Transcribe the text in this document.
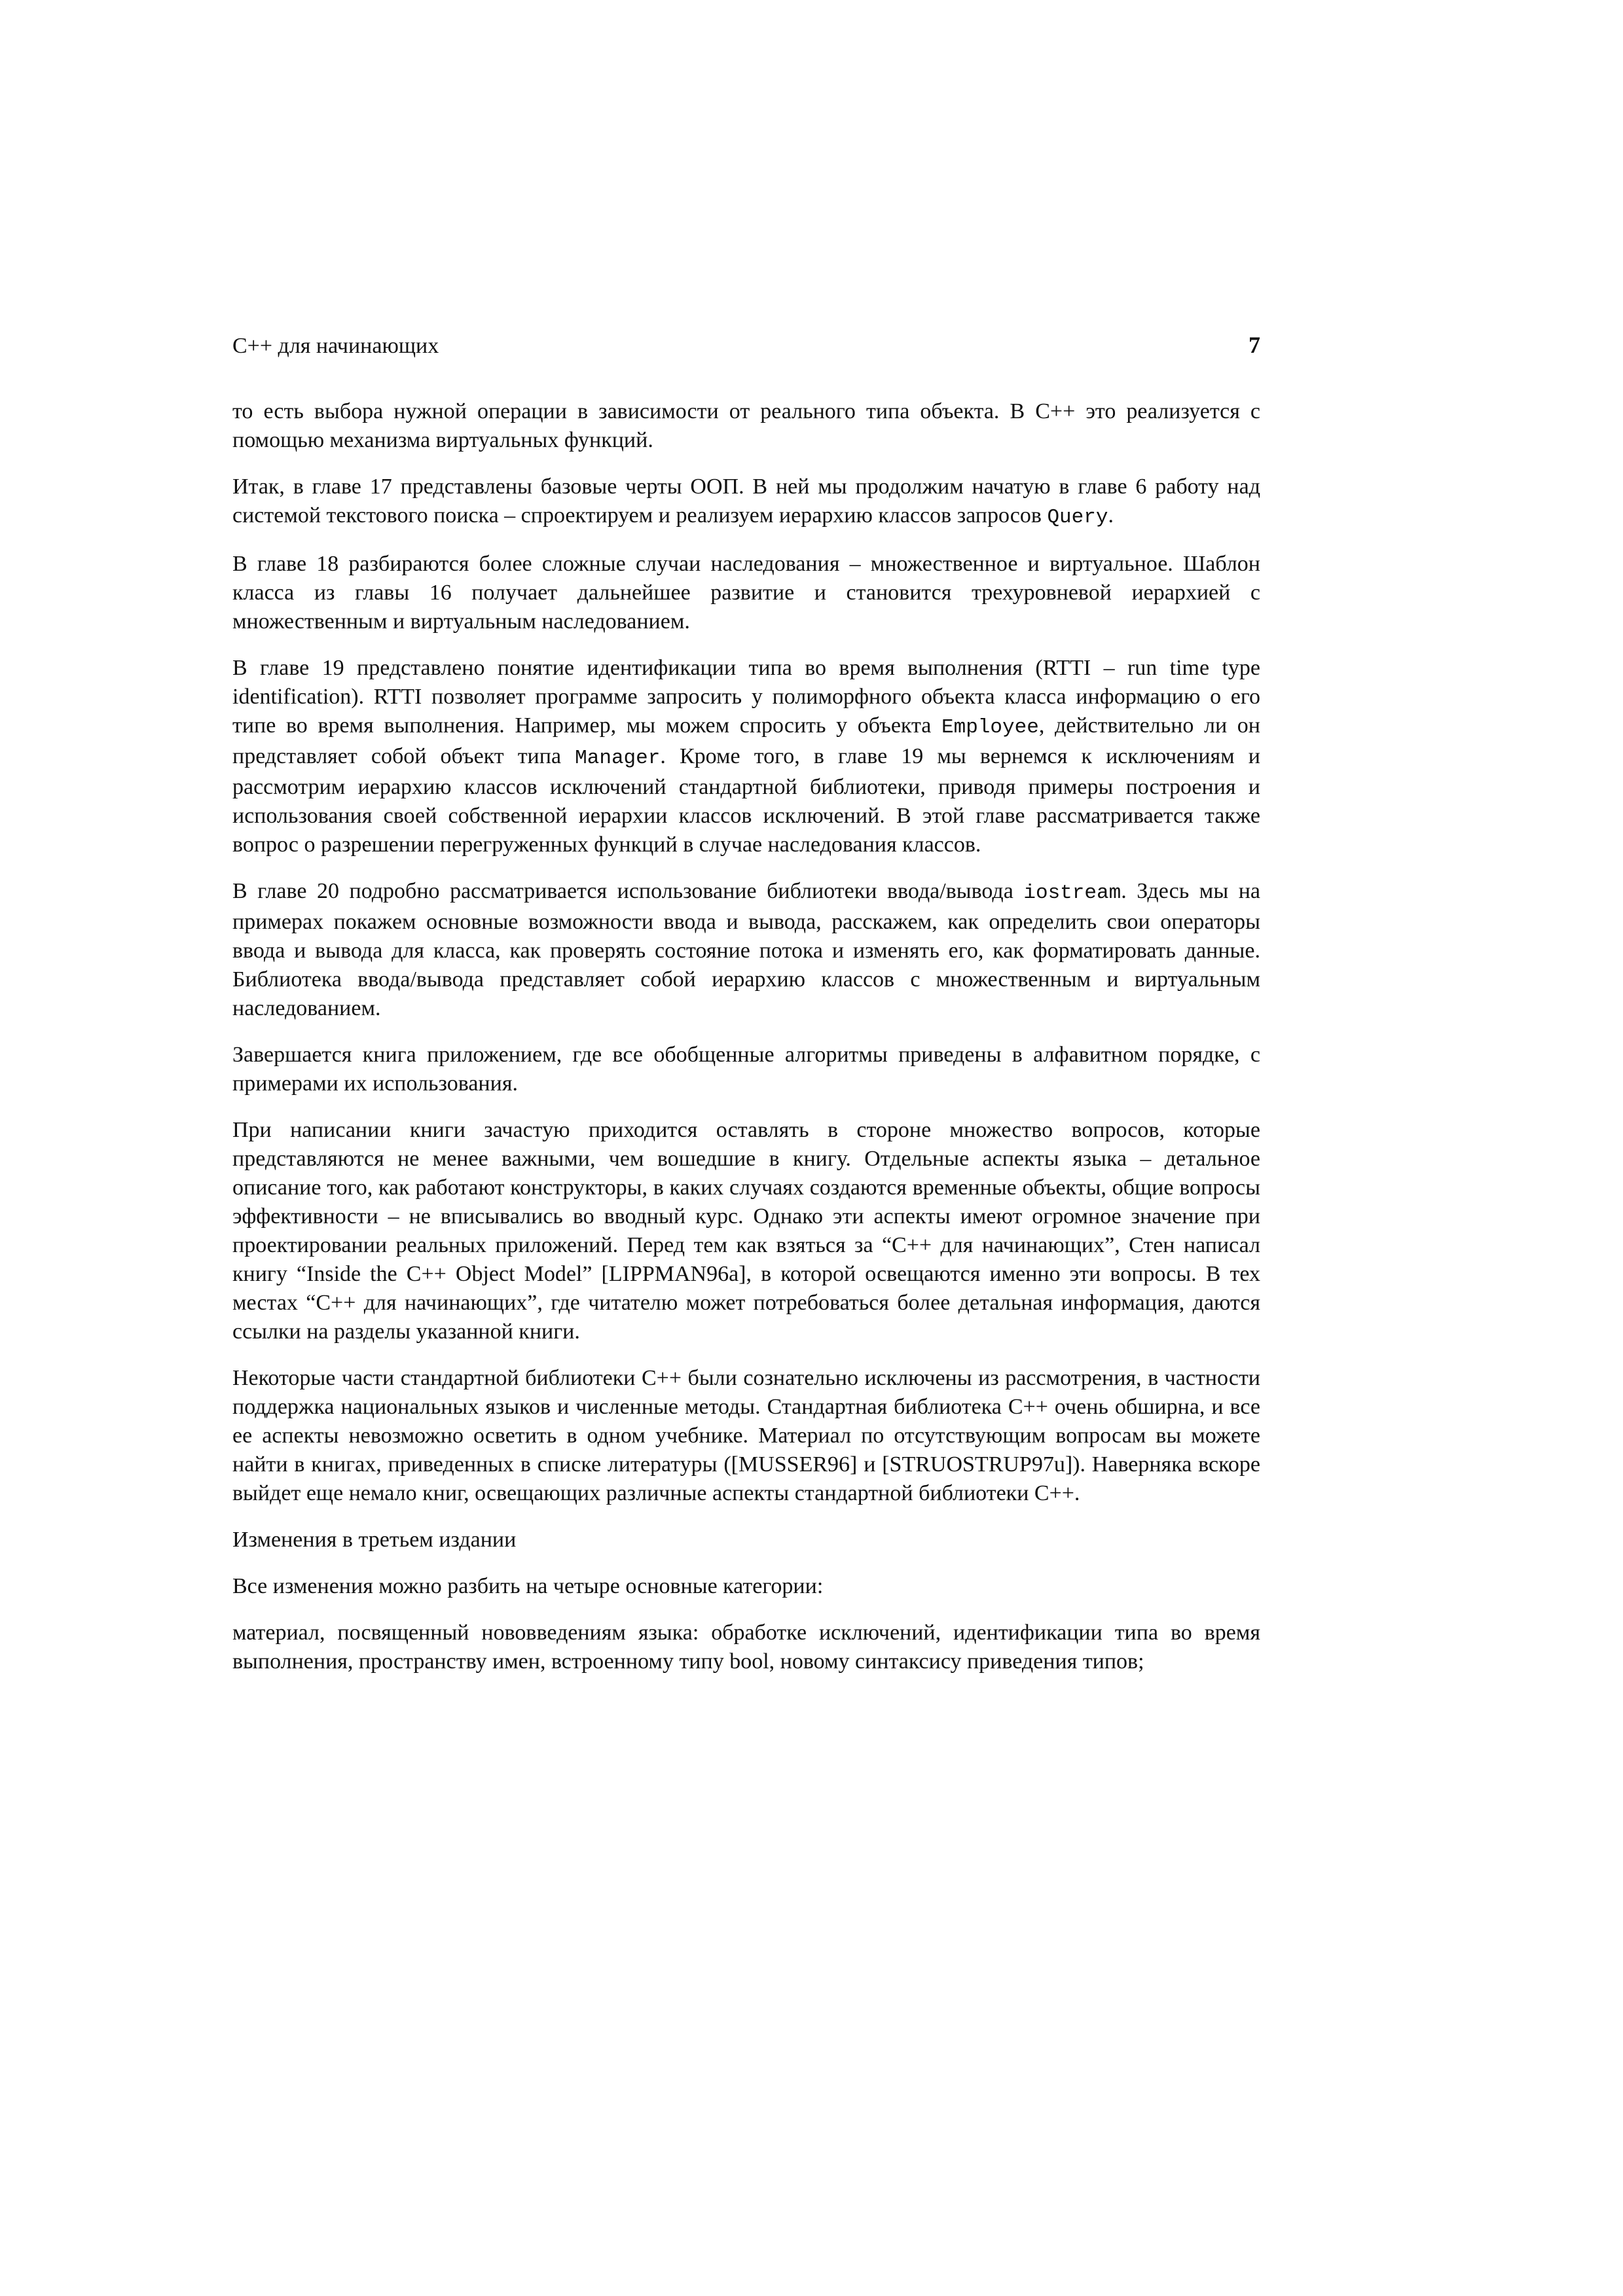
С++ для начинающих	7

то есть выбора нужной операции в зависимости от реального типа объекта. В С++ это реализуется с помощью механизма виртуальных функций.

Итак, в главе 17 представлены базовые черты ООП. В ней мы продолжим начатую в главе 6 работу над системой текстового поиска – спроектируем и реализуем иерархию классов запросов Query.

В главе 18 разбираются более сложные случаи наследования – множественное и виртуальное. Шаблон класса из главы 16 получает дальнейшее развитие и становится трехуровневой иерархией с множественным и виртуальным наследованием.

В главе 19 представлено понятие идентификации типа во время выполнения (RTTI – run time type identification). RTTI позволяет программе запросить у полиморфного объекта класса информацию о его типе во время выполнения. Например, мы можем спросить у объекта Employee, действительно ли он представляет собой объект типа Manager. Кроме того, в главе 19 мы вернемся к исключениям и рассмотрим иерархию классов исключений стандартной библиотеки, приводя примеры построения и использования своей собственной иерархии классов исключений. В этой главе рассматривается также вопрос о разрешении перегруженных функций в случае наследования классов.

В главе 20 подробно рассматривается использование библиотеки ввода/вывода iostream. Здесь мы на примерах покажем основные возможности ввода и вывода, расскажем, как определить свои операторы ввода и вывода для класса, как проверять состояние потока и изменять его, как форматировать данные. Библиотека ввода/вывода представляет собой иерархию классов с множественным и виртуальным наследованием.

Завершается книга приложением, где все обобщенные алгоритмы приведены в алфавитном порядке, с примерами их использования.

При написании книги зачастую приходится оставлять в стороне множество вопросов, которые представляются не менее важными, чем вошедшие в книгу. Отдельные аспекты языка – детальное описание того, как работают конструкторы, в каких случаях создаются временные объекты, общие вопросы эффективности – не вписывались во вводный курс. Однако эти аспекты имеют огромное значение при проектировании реальных приложений. Перед тем как взяться за “С++ для начинающих”, Стен написал книгу “Inside the C++ Object Model” [LIPPMAN96a], в которой освещаются именно эти вопросы. В тех местах “С++ для начинающих”, где читателю может потребоваться более детальная информация, даются ссылки на разделы указанной книги.

Некоторые части стандартной библиотеки С++ были сознательно исключены из рассмотрения, в частности поддержка национальных языков и численные методы. Стандартная библиотека С++ очень обширна, и все ее аспекты невозможно осветить в одном учебнике. Материал по отсутствующим вопросам вы можете найти в книгах, приведенных в списке литературы ([MUSSER96] и [STRUOSTRUP97u]). Наверняка вскоре выйдет еще немало книг, освещающих различные аспекты стандартной библиотеки С++.

Изменения в третьем издании

Все изменения можно разбить на четыре основные категории:

материал, посвященный нововведениям языка: обработке исключений, идентификации типа во время выполнения, пространству имен, встроенному типу bool, новому синтаксису приведения типов;
